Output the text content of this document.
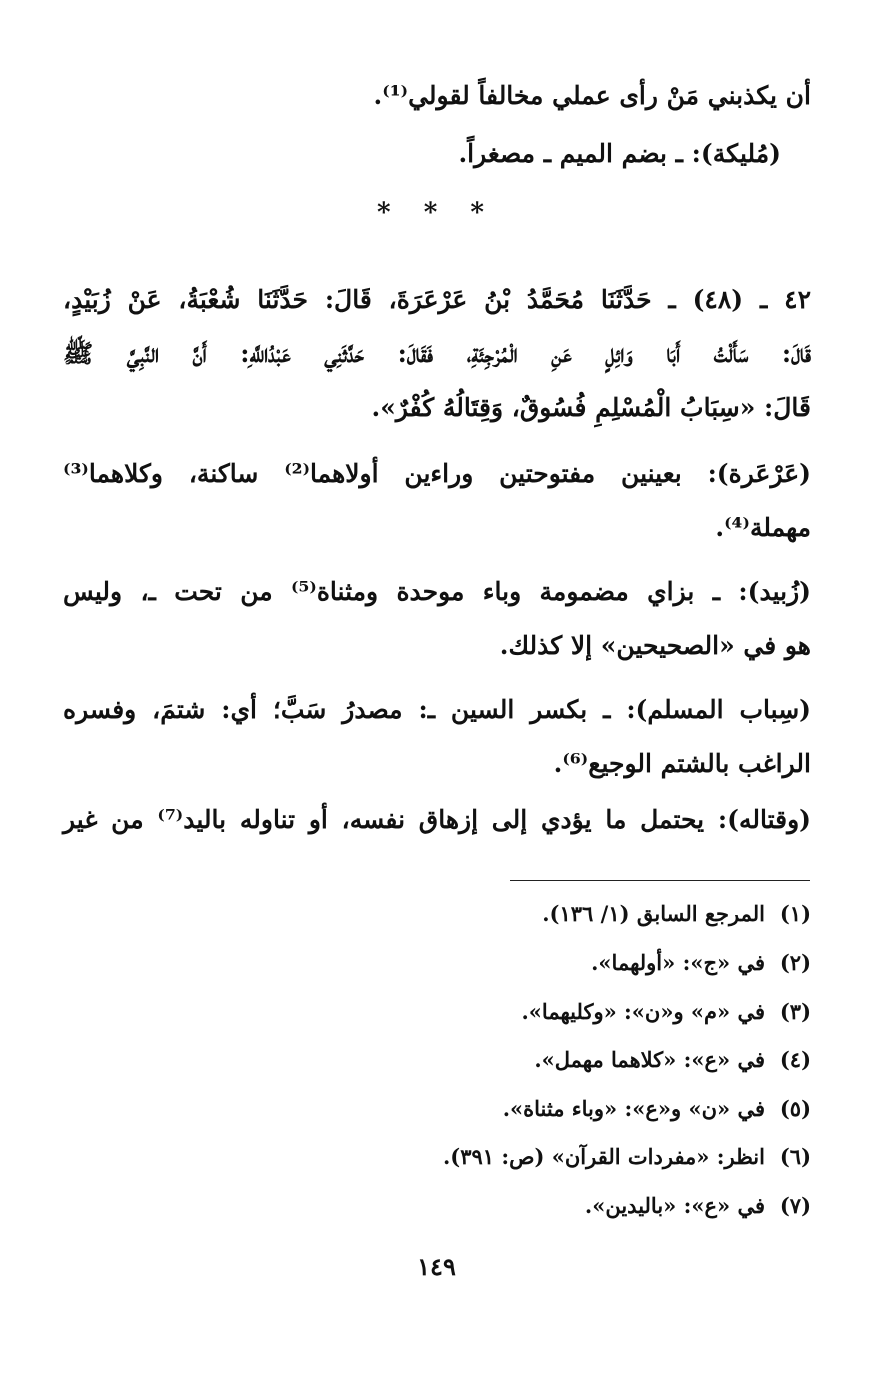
أن يكذبني مَنْ رأى عملي مخالفاً لقولي⁽¹⁾.
(مُليكة): ـ بضم الميم ـ مصغراً.
* * *
٤٢ ـ (٤٨) ـ حَدَّثَنَا مُحَمَّدُ بْنُ عَرْعَرَةَ، قَالَ: حَدَّثَنَا شُعْبَةُ، عَنْ زُبَيْدٍ،
قَالَ: سَأَلْتُ أَبَا وَائِلٍ عَنِ الْمُرْجِئَةِ، فَقَالَ: حَدَّثَنِي عَبْدُاللَّهِ: أَنَّ النَّبِيَّ ﷺ
قَالَ: «سِبَابُ الْمُسْلِمِ فُسُوقٌ، وَقِتَالُهُ كُفْرٌ».
(عَرْعَرة): بعينين مفتوحتين وراءين أولاهما⁽²⁾ ساكنة، وكلاهما⁽³⁾
مهملة⁽⁴⁾.
(زُبيد): ـ بزاي مضمومة وباء موحدة ومثناة⁽⁵⁾ من تحت ـ، وليس
هو في «الصحيحين» إلا كذلك.
(سِباب المسلم): ـ بكسر السين ـ: مصدرُ سَبَّ؛ أي: شتمَ، وفسره
الراغب بالشتم الوجيع⁽⁶⁾.
(وقتاله): يحتمل ما يؤدي إلى إزهاق نفسه، أو تناوله باليد⁽⁷⁾ من غير
(١)المرجع السابق (١/ ١٣٦).
(٢)في «ج»: «أولهما».
(٣)في «م» و«ن»: «وكليهما».
(٤)في «ع»: «كلاهما مهمل».
(٥)في «ن» و«ع»: «وباء مثناة».
(٦)انظر: «مفردات القرآن» (ص: ٣٩١).
(٧)في «ع»: «باليدين».
١٤٩
